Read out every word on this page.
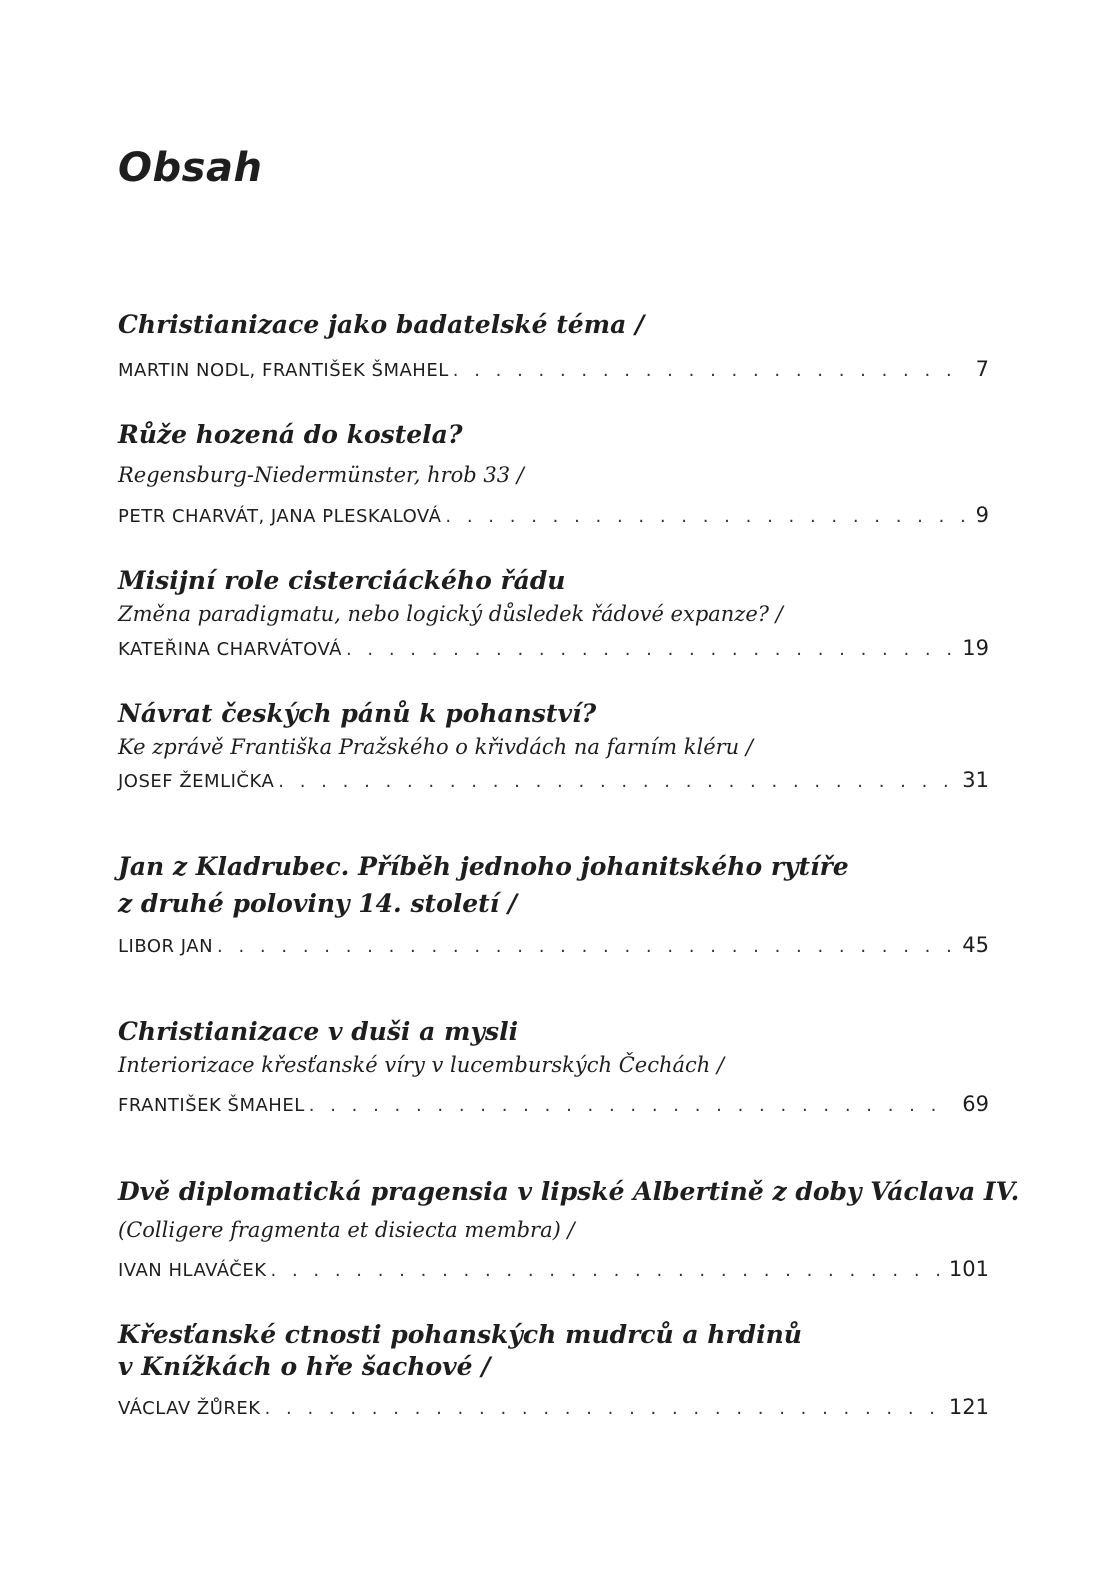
Obsah
Christianizace jako badatelské téma /
MARTIN NODL, FRANTIŠEK ŠMAHEL . . .	7
Růže hozená do kostela?
Regensburg-Niedermünster, hrob 33 /
PETR CHARVÁT, JANA PLESKALOVÁ . . .	9
Misijní role cisterciáckého řádu
Změna paradigmatu, nebo logický důsledek řádové expanze? /
KATEŘINA CHARVÁTOVÁ . . .	19
Návrat českých pánů k pohanství?
Ke zprávě Františka Pražského o křivdách na farním kléru /
JOSEF ŽEMLIČKA . . .	31
Jan z Kladrubec. Příběh jednoho johanitského rytíře
z druhé poloviny 14. století /
LIBOR JAN . . .	45
Christianizace v duši a mysli
Interiorizace křesťanské víry v lucemburských Čechách /
FRANTIŠEK ŠMAHEL . . .	69
Dvě diplomatická pragensia v lipské Albertině z doby Václava IV.
(Colligere fragmenta et disiecta membra) /
IVAN HLAVÁČEK . . .	101
Křesťanské ctnosti pohanských mudrců a hrdinů
v Knížkách o hře šachové /
VÁCLAV ŽŮREK . . .	121
